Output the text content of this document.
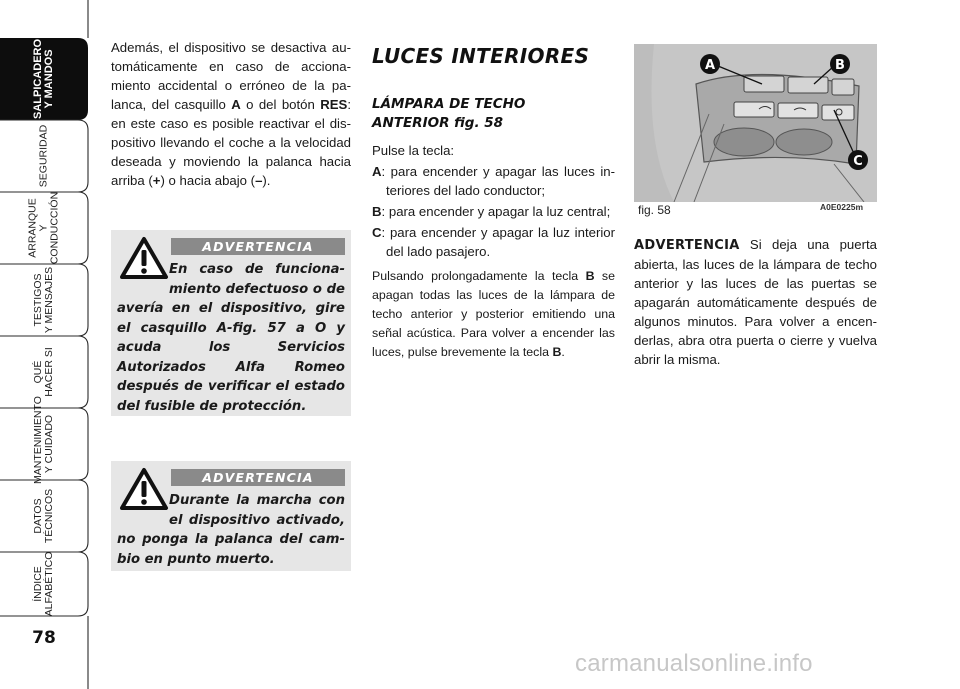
SALPICADERO
Y MANDOS
SEGURIDAD
ARRANQUE
Y CONDUCCIÓN
TESTIGOS
Y MENSAJES
QUÉ
HACER SI
MANTENIMIENTO
Y CUIDADO
DATOS
TÉCNICOS
ÍNDICE
ALFABÉTICO
78

Además, el dispositivo se desactiva automáticamente en caso de accionamiento accidental o erróneo de la palanca, del casquillo A o del botón RES: en este caso es posible reactivar el dispositivo llevando el coche a la velocidad deseada y moviendo la palanca hacia arriba (+) o hacia abajo (–).

ADVERTENCIA
En caso de funcionamiento defectuoso o de avería en el dispositivo, gire el casquillo A-fig. 57 a O y acuda los Servicios Autorizados Alfa Romeo después de verificar el estado del fusible de protección.
ADVERTENCIA
Durante la marcha con el dispositivo activado, no ponga la palanca del cambio en punto muerto.
LUCES INTERIORES
LÁMPARA DE TECHO
ANTERIOR fig. 58

Pulse la tecla:

A: para encender y apagar las luces interiores del lado conductor;

B: para encender y apagar la luz central;

C: para encender y apagar la luz interior del lado pasajero.

Pulsando prolongadamente la tecla B se apagan todas las luces de la lámpara de techo anterior y posterior emitiendo una señal acústica. Para volver a encender las luces, pulse brevemente la tecla B.

A	B
C
fig. 58	A0E0225m

ADVERTENCIA Si deja una puerta abierta, las luces de la lámpara de techo anterior y las luces de las puertas se apagarán automáticamente después de algunos minutos. Para volver a encenderlas, abra otra puerta o cierre y vuelva abrir la misma.

carmanualsonline.info
